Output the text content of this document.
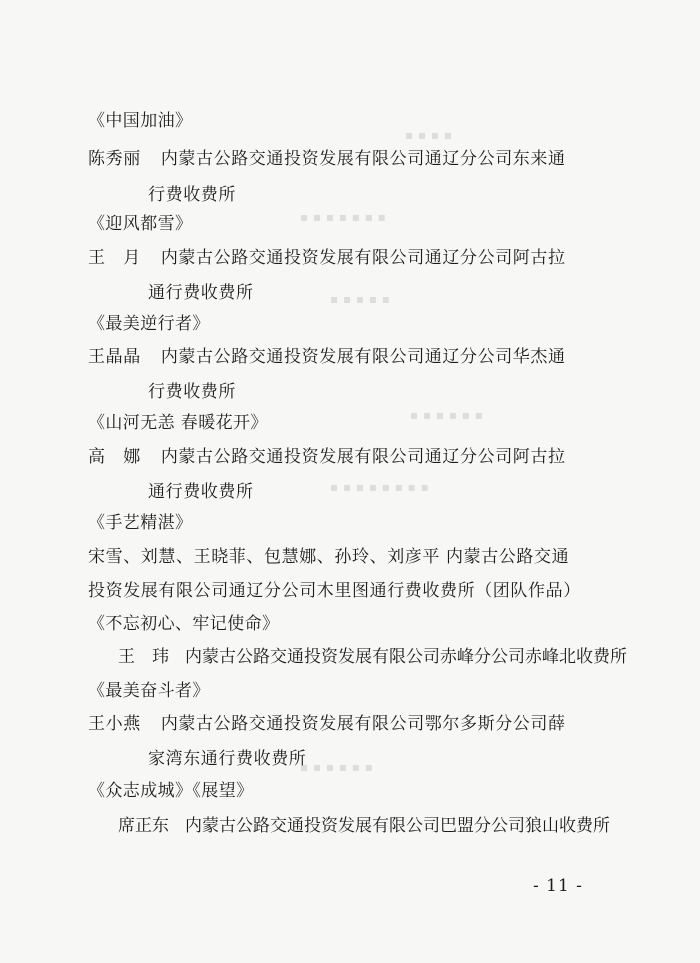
▪ ▪ ▪ ▪
▪ ▪ ▪ ▪ ▪ ▪ ▪
▪ ▪ ▪ ▪ ▪
▪ ▪ ▪ ▪ ▪ ▪
▪ ▪ ▪ ▪ ▪ ▪ ▪ ▪
▪ ▪ ▪ ▪ ▪ ▪
《中国加油》
陈秀丽 内蒙古公路交通投资发展有限公司通辽分公司东来通
行费收费所
《迎风都雪》
王　月 内蒙古公路交通投资发展有限公司通辽分公司阿古拉
通行费收费所
《最美逆行者》
王晶晶 内蒙古公路交通投资发展有限公司通辽分公司华杰通
行费收费所
《山河无恙 春暖花开》
高　娜 内蒙古公路交通投资发展有限公司通辽分公司阿古拉
通行费收费所
《手艺精湛》
宋雪、刘慧、王晓菲、包慧娜、孙玲、刘彦平 内蒙古公路交通
投资发展有限公司通辽分公司木里图通行费收费所（团队作品）
《不忘初心、牢记使命》
王　玮 内蒙古公路交通投资发展有限公司赤峰分公司赤峰北收费所
《最美奋斗者》
王小燕 内蒙古公路交通投资发展有限公司鄂尔多斯分公司薛
家湾东通行费收费所
《众志成城》《展望》
席正东 内蒙古公路交通投资发展有限公司巴盟分公司狼山收费所
- 11 -
